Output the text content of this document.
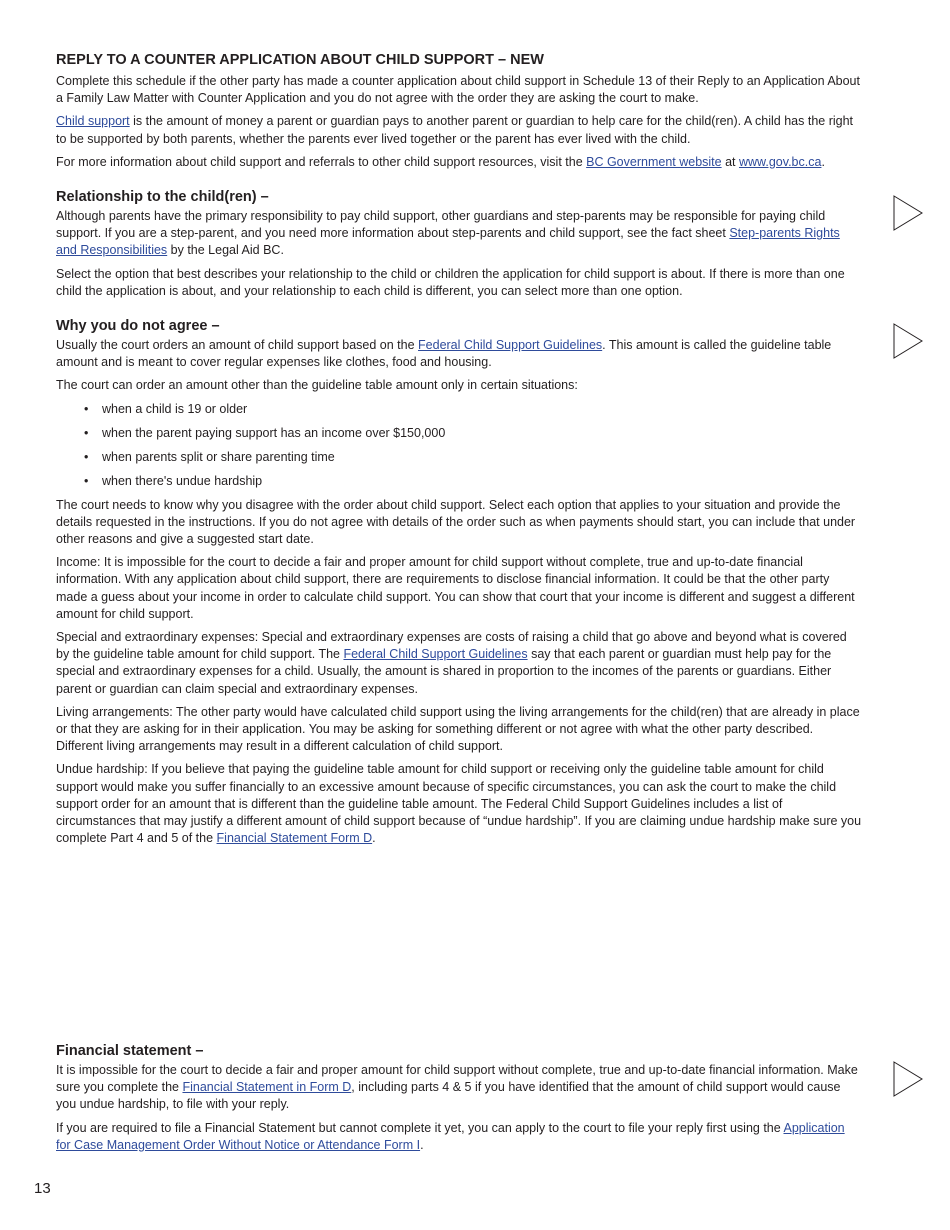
REPLY TO A COUNTER APPLICATION ABOUT CHILD SUPPORT – NEW

Complete this schedule if the other party has made a counter application about child support in Schedule 13 of their Reply to an Application About a Family Law Matter with Counter Application and you do not agree with the order they are asking the court to make.

Child support is the amount of money a parent or guardian pays to another parent or guardian to help care for the child(ren). A child has the right to be supported by both parents, whether the parents ever lived together or the parent has ever lived with the child.

For more information about child support and referrals to other child support resources, visit the BC Government website at www.gov.bc.ca.

Relationship to the child(ren) –

Although parents have the primary responsibility to pay child support, other guardians and step-parents may be responsible for paying child support. If you are a step-parent, and you need more information about step-parents and child support, see the fact sheet Step-parents Rights and Responsibilities by the Legal Aid BC.

Select the option that best describes your relationship to the child or children the application for child support is about. If there is more than one child the application is about, and your relationship to each child is different, you can select more than one option.

Why you do not agree –

Usually the court orders an amount of child support based on the Federal Child Support Guidelines. This amount is called the guideline table amount and is meant to cover regular expenses like clothes, food and housing.

The court can order an amount other than the guideline table amount only in certain situations:

• when a child is 19 or older
• when the parent paying support has an income over $150,000
• when parents split or share parenting time
• when there's undue hardship

The court needs to know why you disagree with the order about child support. Select each option that applies to your situation and provide the details requested in the instructions. If you do not agree with details of the order such as when payments should start, you can include that under other reasons and give a suggested start date.

Income: It is impossible for the court to decide a fair and proper amount for child support without complete, true and up-to-date financial information. With any application about child support, there are requirements to disclose financial information. It could be that the other party made a guess about your income in order to calculate child support. You can show that court that your income is different and suggest a different amount for child support.

Special and extraordinary expenses: Special and extraordinary expenses are costs of raising a child that go above and beyond what is covered by the guideline table amount for child support. The Federal Child Support Guidelines say that each parent or guardian must help pay for the special and extraordinary expenses for a child. Usually, the amount is shared in proportion to the incomes of the parents or guardians. Either parent or guardian can claim special and extraordinary expenses.

Living arrangements: The other party would have calculated child support using the living arrangements for the child(ren) that are already in place or that they are asking for in their application. You may be asking for something different or not agree with what the other party described. Different living arrangements may result in a different calculation of child support.

Undue hardship: If you believe that paying the guideline table amount for child support or receiving only the guideline table amount for child support would make you suffer financially to an excessive amount because of specific circumstances, you can ask the court to make the child support order for an amount that is different than the guideline table amount. The Federal Child Support Guidelines includes a list of circumstances that may justify a different amount of child support because of “undue hardship”. If you are claiming undue hardship make sure you complete Part 4 and 5 of the Financial Statement Form D.

Financial statement –

It is impossible for the court to decide a fair and proper amount for child support without complete, true and up-to-date financial information. Make sure you complete the Financial Statement in Form D, including parts 4 & 5 if you have identified that the amount of child support would cause you undue hardship, to file with your reply.

If you are required to file a Financial Statement but cannot complete it yet, you can apply to the court to file your reply first using the Application for Case Management Order Without Notice or Attendance Form I.

13
